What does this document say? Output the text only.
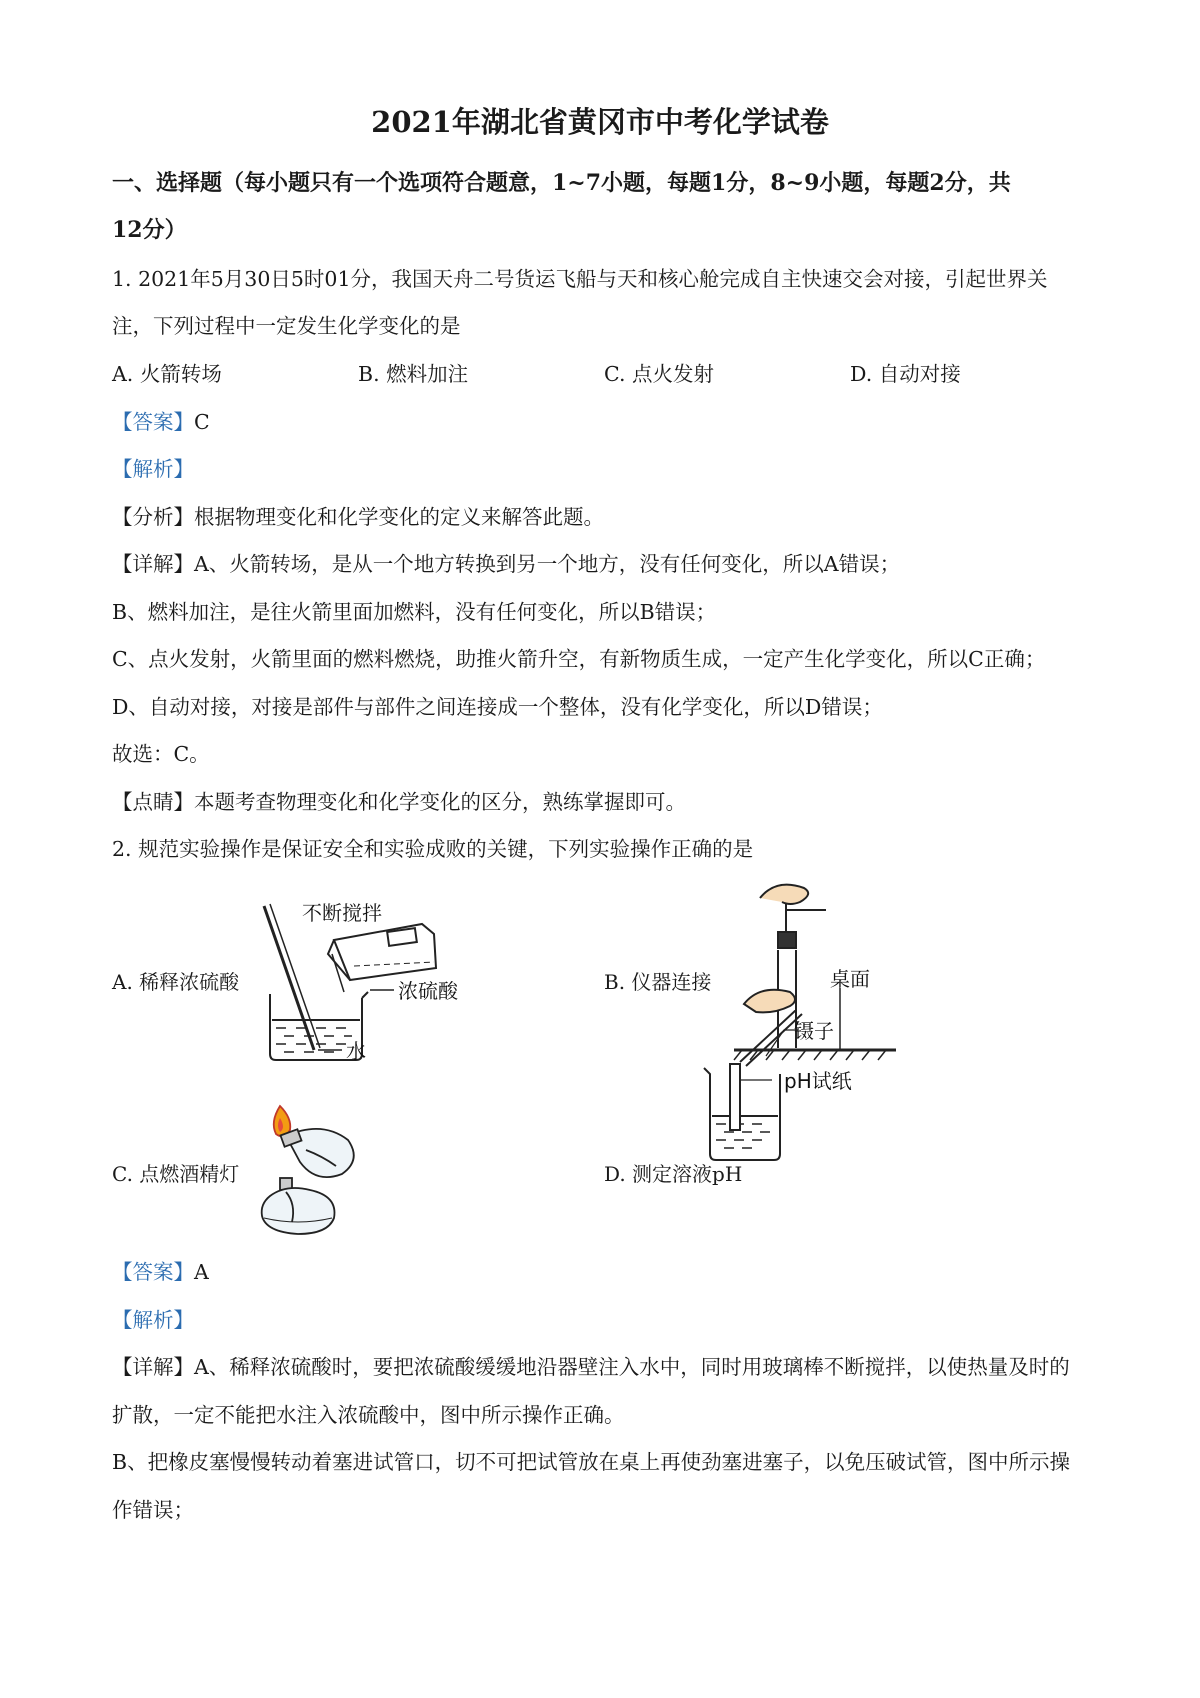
2021年湖北省黄冈市中考化学试卷
一、选择题（每小题只有一个选项符合题意，1~7小题，每题1分，8~9小题，每题2分，共
12分）
1. 2021年5月30日5时01分，我国天舟二号货运飞船与天和核心舱完成自主快速交会对接，引起世界关
注，下列过程中一定发生化学变化的是
A. 火箭转场	B. 燃料加注	C. 点火发射	D. 自动对接
【答案】C
【解析】
【分析】根据物理变化和化学变化的定义来解答此题。
【详解】A、火箭转场，是从一个地方转换到另一个地方，没有任何变化，所以A错误；
B、燃料加注，是往火箭里面加燃料，没有任何变化，所以B错误；
C、点火发射，火箭里面的燃料燃烧，助推火箭升空，有新物质生成，一定产生化学变化，所以C正确；
D、自动对接，对接是部件与部件之间连接成一个整体，没有化学变化，所以D错误；
故选：C。
【点睛】本题考查物理变化和化学变化的区分，熟练掌握即可。
2. 规范实验操作是保证安全和实验成败的关键，下列实验操作正确的是
A. 稀释浓硫酸	B. 仪器连接
C. 点燃酒精灯	D. 测定溶液pH
不断搅拌
浓硫酸
水
桌面
镊子
pH试纸
【答案】A
【解析】
【详解】A、稀释浓硫酸时，要把浓硫酸缓缓地沿器壁注入水中，同时用玻璃棒不断搅拌，以使热量及时的
扩散，一定不能把水注入浓硫酸中，图中所示操作正确。
B、把橡皮塞慢慢转动着塞进试管口，切不可把试管放在桌上再使劲塞进塞子，以免压破试管，图中所示操
作错误；
